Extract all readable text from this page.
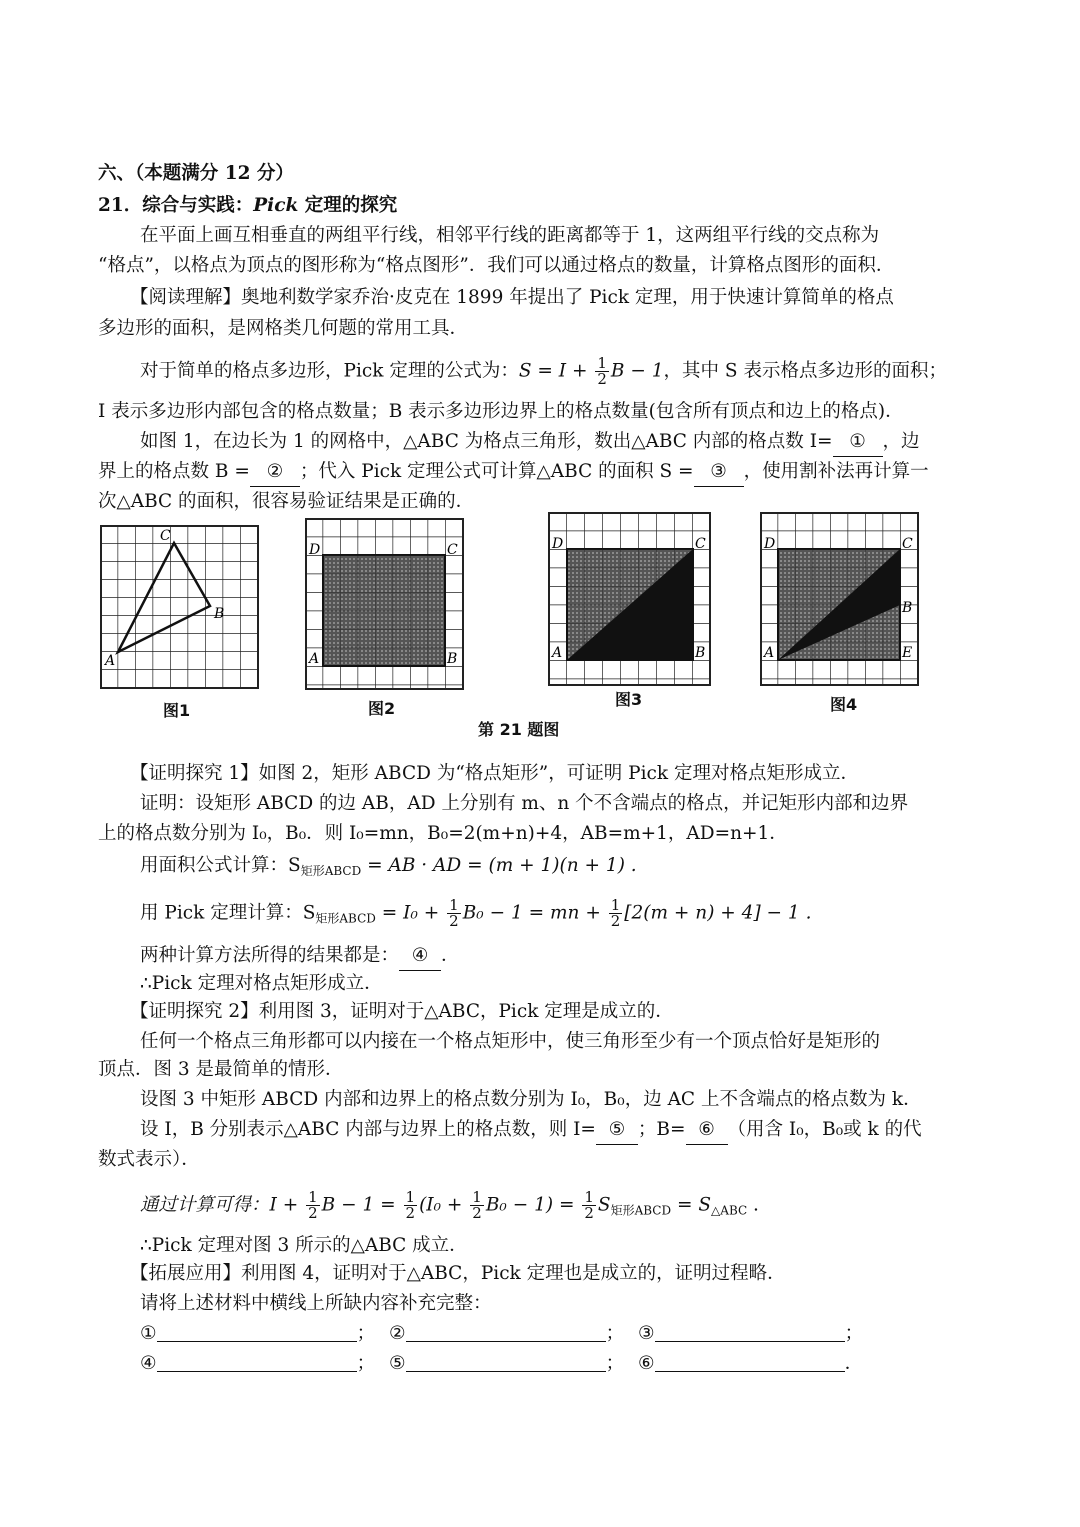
六、（本题满分 12 分）
21．综合与实践：Pick 定理的探究
在平面上画互相垂直的两组平行线，相邻平行线的距离都等于 1，这两组平行线的交点称为
“格点”，以格点为顶点的图形称为“格点图形”．我们可以通过格点的数量，计算格点图形的面积．
【阅读理解】奥地利数学家乔治·皮克在 1899 年提出了 Pick 定理，用于快速计算简单的格点
多边形的面积，是网格类几何题的常用工具．
对于简单的格点多边形，Pick 定理的公式为：$S = I + \frac{1}{2}$ B − 1，其中 S 表示格点多边形的面积；
I 表示多边形内部包含的格点数量；B 表示多边形边界上的格点数量(包含所有顶点和边上的格点)．
如图 1，在边长为 1 的网格中，△ABC 为格点三角形，数出△ABC 内部的格点数 I= ① ，边
界上的格点数 B = ② ；代入 Pick 定理公式可计算△ABC 的面积 S = ③ ，使用割补法再计算一
次△ABC 的面积，很容易验证结果是正确的．
A
C
B
D	C
A	B
D	C
A	B
D	C
B
A	E
图1	图2	图3	图4
第 21 题图
【证明探究 1】如图 2，矩形 ABCD 为“格点矩形”，可证明 Pick 定理对格点矩形成立．
证明：设矩形 ABCD 的边 AB，AD 上分别有 m、n 个不含端点的格点，并记矩形内部和边界
上的格点数分别为 I₀，B₀．则 I₀=mn，B₀=2(m+n)+4，AB=m+1，AD=n+1．
用面积公式计算：$S_{矩形ABCD}$ = AB · AD = (m + 1)(n + 1) .
用 Pick 定理计算：$S_{矩形ABCD} = I_0 + \frac{1}{2} B_0 - 1$ = mn + $\frac{1}{2} [2(m + n) + 4] - 1$ .
两种计算方法所得的结果都是： ④ ．
∴Pick 定理对格点矩形成立．
【证明探究 2】利用图 3，证明对于△ABC，Pick 定理是成立的．
任何一个格点三角形都可以内接在一个格点矩形中，使三角形至少有一个顶点恰好是矩形的
顶点．图 3 是最简单的情形．
设图 3 中矩形 ABCD 内部和边界上的格点数分别为 I₀，B₀，边 AC 上不含端点的格点数为 k．
设 I，B 分别表示△ABC 内部与边界上的格点数，则 I= ⑤ ；B= ⑥ （用含 I₀，B₀或 k 的代
数式表示）．
通过计算可得：$I + \frac{1}{2}$ $B - 1 = \frac{1}{2} (I_0 + \frac{1}{2} B_0 - 1) = \frac{1}{2} S_{矩形ABCD} = S_{\triangle ABC}$ .
∴Pick 定理对图 3 所示的△ABC 成立．
【拓展应用】利用图 4，证明对于△ABC，Pick 定理也是成立的，证明过程略．
请将上述材料中横线上所缺内容补充完整：
①	； ②	； ③	；
④	； ⑤	； ⑥	．
